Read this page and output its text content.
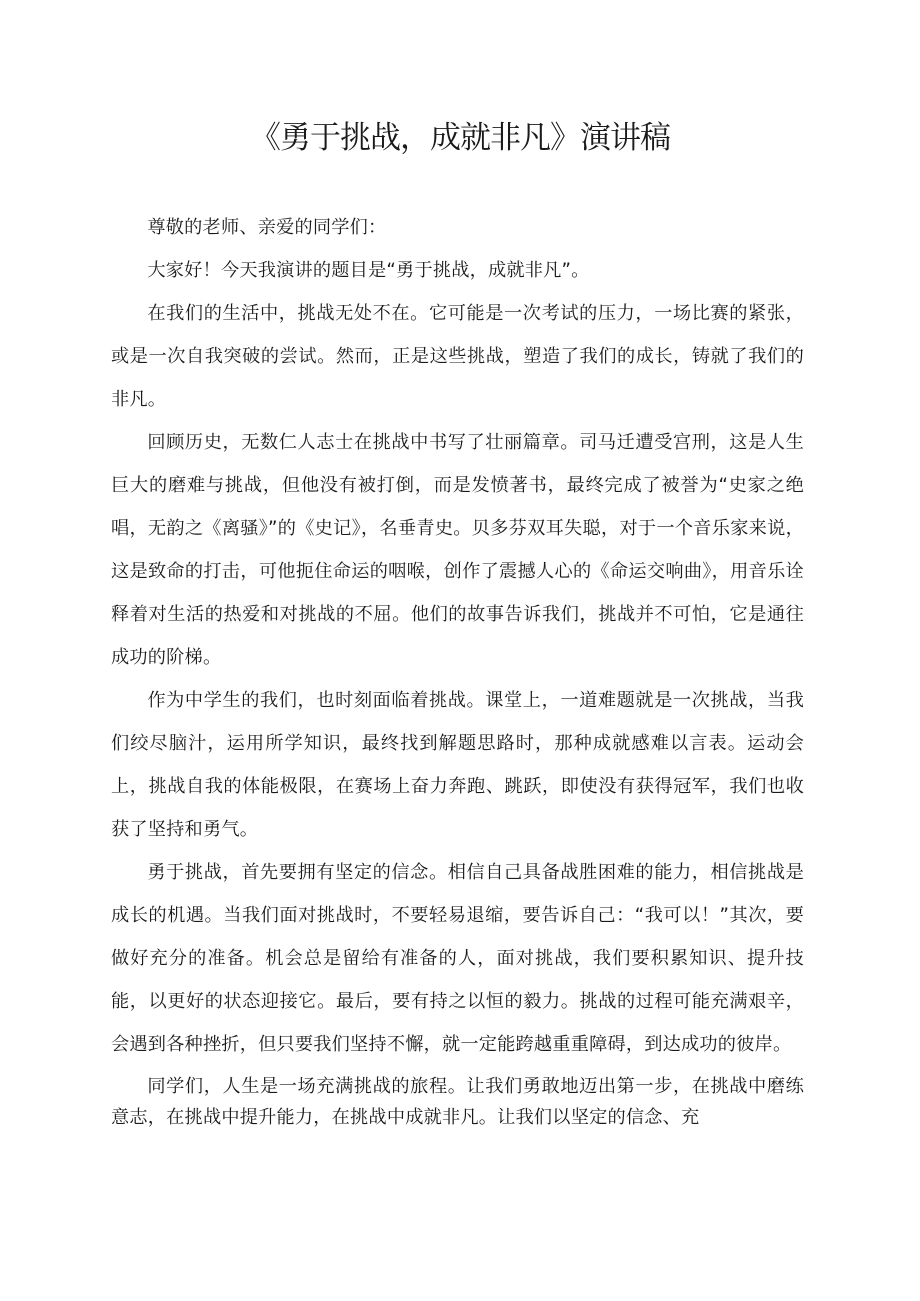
《勇于挑战，成就非凡》演讲稿

尊敬的老师、亲爱的同学们：

大家好！今天我演讲的题目是“勇于挑战，成就非凡”。

在我们的生活中，挑战无处不在。它可能是一次考试的压力，一场比赛的紧张，或是一次自我突破的尝试。然而，正是这些挑战，塑造了我们的成长，铸就了我们的非凡。

回顾历史，无数仁人志士在挑战中书写了壮丽篇章。司马迁遭受宫刑，这是人生巨大的磨难与挑战，但他没有被打倒，而是发愤著书，最终完成了被誉为“史家之绝唱，无韵之《离骚》”的《史记》，名垂青史。贝多芬双耳失聪，对于一个音乐家来说，这是致命的打击，可他扼住命运的咽喉，创作了震撼人心的《命运交响曲》，用音乐诠释着对生活的热爱和对挑战的不屈。他们的故事告诉我们，挑战并不可怕，它是通往成功的阶梯。

作为中学生的我们，也时刻面临着挑战。课堂上，一道难题就是一次挑战，当我们绞尽脑汁，运用所学知识，最终找到解题思路时，那种成就感难以言表。运动会上，挑战自我的体能极限，在赛场上奋力奔跑、跳跃，即使没有获得冠军，我们也收获了坚持和勇气。

勇于挑战，首先要拥有坚定的信念。相信自己具备战胜困难的能力，相信挑战是成长的机遇。当我们面对挑战时，不要轻易退缩，要告诉自己：“我可以！”其次，要做好充分的准备。机会总是留给有准备的人，面对挑战，我们要积累知识、提升技能，以更好的状态迎接它。最后，要有持之以恒的毅力。挑战的过程可能充满艰辛，会遇到各种挫折，但只要我们坚持不懈，就一定能跨越重重障碍，到达成功的彼岸。

同学们，人生是一场充满挑战的旅程。让我们勇敢地迈出第一步，在挑战中磨练意志，在挑战中提升能力，在挑战中成就非凡。让我们以坚定的信念、充
